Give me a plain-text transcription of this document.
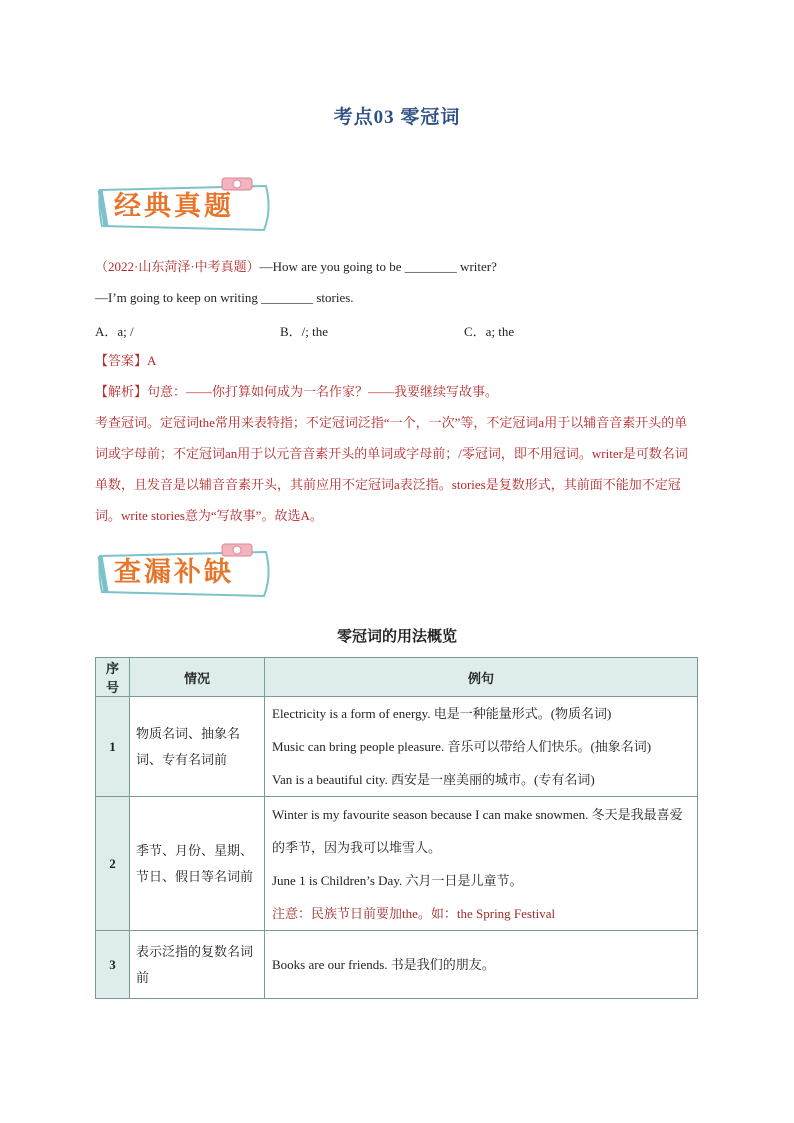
考点03 零冠词
经典真题
（2022·山东菏泽·中考真题）—How are you going to be ________ writer?
—I’m going to keep on writing ________ stories.
A．a; /	B．/; the	C．a; the
【答案】A
【解析】句意：——你打算如何成为一名作家？——我要继续写故事。
考查冠词。定冠词the常用来表特指；不定冠词泛指“一个，一次”等，不定冠词a用于以辅音音素开头的单词或字母前；不定冠词an用于以元音音素开头的单词或字母前；/零冠词，即不用冠词。writer是可数名词单数，且发音是以辅音音素开头，其前应用不定冠词a表泛指。stories是复数形式，其前面不能加不定冠词。write stories意为“写故事”。故选A。
查漏补缺
零冠词的用法概览
序号	情况	例句
1	物质名词、抽象名词、专有名词前	Electricity is a form of energy. 电是一种能量形式。(物质名词)
Music can bring people pleasure. 音乐可以带给人们快乐。(抽象名词)
Van is a beautiful city. 西安是一座美丽的城市。(专有名词)

2	季节、月份、星期、节日、假日等名词前	Winter is my favourite season because I can make snowmen. 冬天是我最喜爱的季节，因为我可以堆雪人。
June 1 is Children’s Day. 六月一日是儿童节。
注意：民族节日前要加the。如：the Spring Festival

3	表示泛指的复数名词前	Books are our friends. 书是我们的朋友。
